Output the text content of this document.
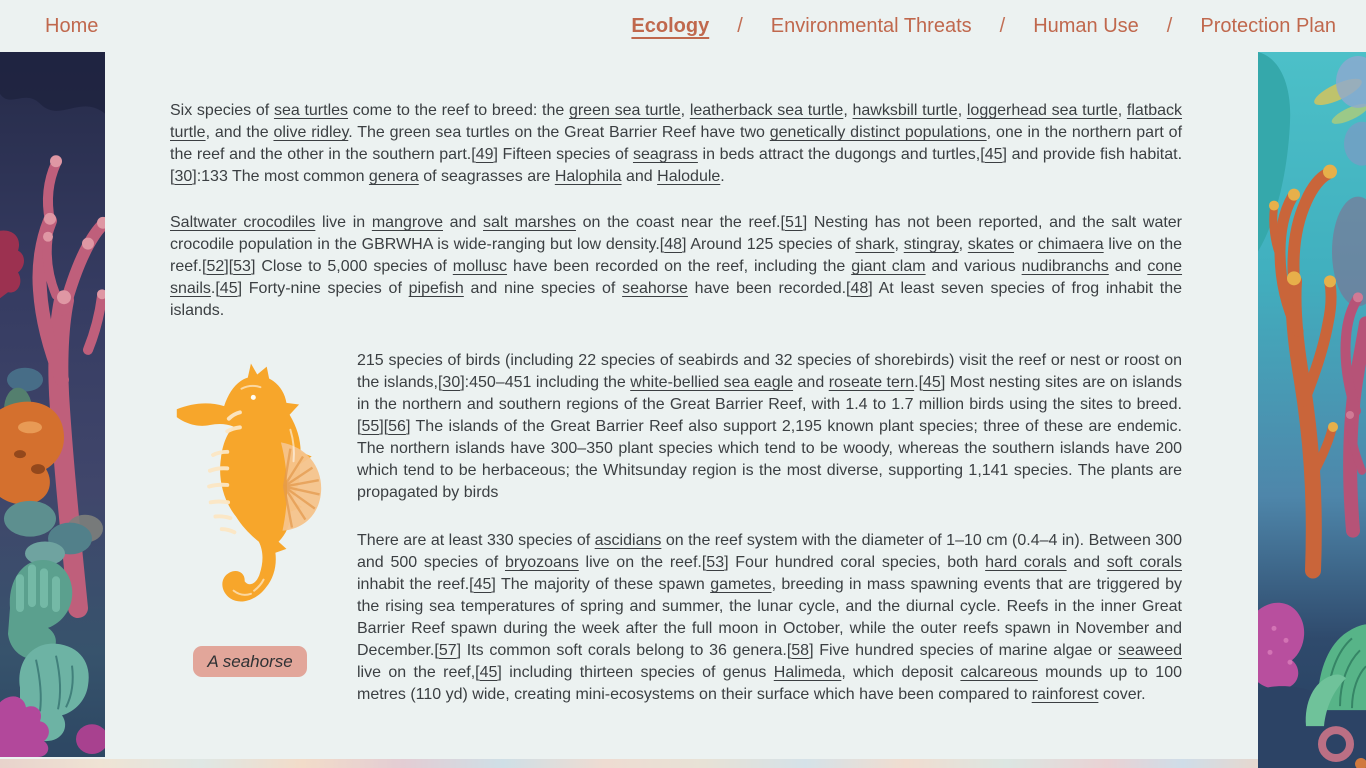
Home	Ecology / Environmental Threats / Human Use / Protection Plan

Six species of sea turtles come to the reef to breed: the green sea turtle, leatherback sea turtle, hawksbill turtle, loggerhead sea turtle, flatback turtle, and the olive ridley. The green sea turtles on the Great Barrier Reef have two genetically distinct populations, one in the northern part of the reef and the other in the southern part.[49] Fifteen species of seagrass in beds attract the dugongs and turtles,[45] and provide fish habitat.[30]:133 The most common genera of seagrasses are Halophila and Halodule.

Saltwater crocodiles live in mangrove and salt marshes on the coast near the reef.[51] Nesting has not been reported, and the salt water crocodile population in the GBRWHA is wide-ranging but low density.[48] Around 125 species of shark, stingray, skates or chimaera live on the reef.[52][53] Close to 5,000 species of mollusc have been recorded on the reef, including the giant clam and various nudibranchs and cone snails.[45] Forty-nine species of pipefish and nine species of seahorse have been recorded.[48] At least seven species of frog inhabit the islands.

A seahorse

215 species of birds (including 22 species of seabirds and 32 species of shorebirds) visit the reef or nest or roost on the islands,[30]:450–451 including the white-bellied sea eagle and roseate tern.[45] Most nesting sites are on islands in the northern and southern regions of the Great Barrier Reef, with 1.4 to 1.7 million birds using the sites to breed.[55][56] The islands of the Great Barrier Reef also support 2,195 known plant species; three of these are endemic. The northern islands have 300–350 plant species which tend to be woody, whereas the southern islands have 200 which tend to be herbaceous; the Whitsunday region is the most diverse, supporting 1,141 species. The plants are propagated by birds

There are at least 330 species of ascidians on the reef system with the diameter of 1–10 cm (0.4–4 in). Between 300 and 500 species of bryozoans live on the reef.[53] Four hundred coral species, both hard corals and soft corals inhabit the reef.[45] The majority of these spawn gametes, breeding in mass spawning events that are triggered by the rising sea temperatures of spring and summer, the lunar cycle, and the diurnal cycle. Reefs in the inner Great Barrier Reef spawn during the week after the full moon in October, while the outer reefs spawn in November and December.[57] Its common soft corals belong to 36 genera.[58] Five hundred species of marine algae or seaweed live on the reef,[45] including thirteen species of genus Halimeda, which deposit calcareous mounds up to 100 metres (110 yd) wide, creating mini-ecosystems on their surface which have been compared to rainforest cover.
